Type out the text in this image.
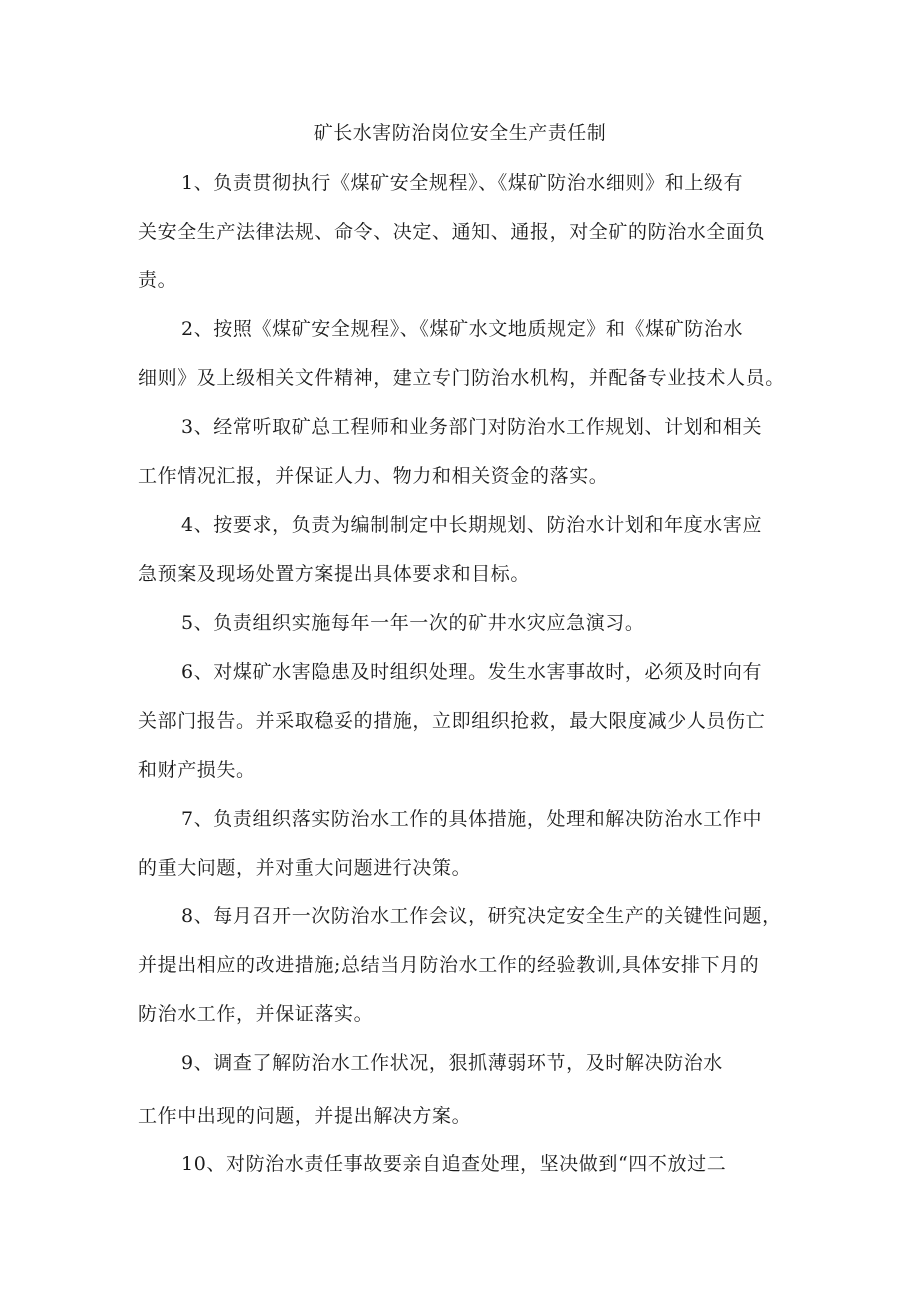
矿长水害防治岗位安全生产责任制
1、负责贯彻执行《煤矿安全规程》、《煤矿防治水细则》和上级有
关安全生产法律法规、命令、决定、通知、通报，对全矿的防治水全面负
责。
2、按照《煤矿安全规程》、《煤矿水文地质规定》和《煤矿防治水
细则》及上级相关文件精神，建立专门防治水机构，并配备专业技术人员。
3、经常听取矿总工程师和业务部门对防治水工作规划、计划和相关
工作情况汇报，并保证人力、物力和相关资金的落实。
4、按要求，负责为编制制定中长期规划、防治水计划和年度水害应
急预案及现场处置方案提出具体要求和目标。
5、负责组织实施每年一年一次的矿井水灾应急演习。
6、对煤矿水害隐患及时组织处理。发生水害事故时，必须及时向有
关部门报告。并采取稳妥的措施，立即组织抢救，最大限度减少人员伤亡
和财产损失。
7、负责组织落实防治水工作的具体措施，处理和解决防治水工作中
的重大问题，并对重大问题进行决策。
8、每月召开一次防治水工作会议，研究决定安全生产的关键性问题，
并提出相应的改进措施;总结当月防治水工作的经验教训,具体安排下月的
防治水工作，并保证落实。
9、调查了解防治水工作状况，狠抓薄弱环节，及时解决防治水
工作中出现的问题，并提出解决方案。
10、对防治水责任事故要亲自追查处理，坚决做到“四不放过二
